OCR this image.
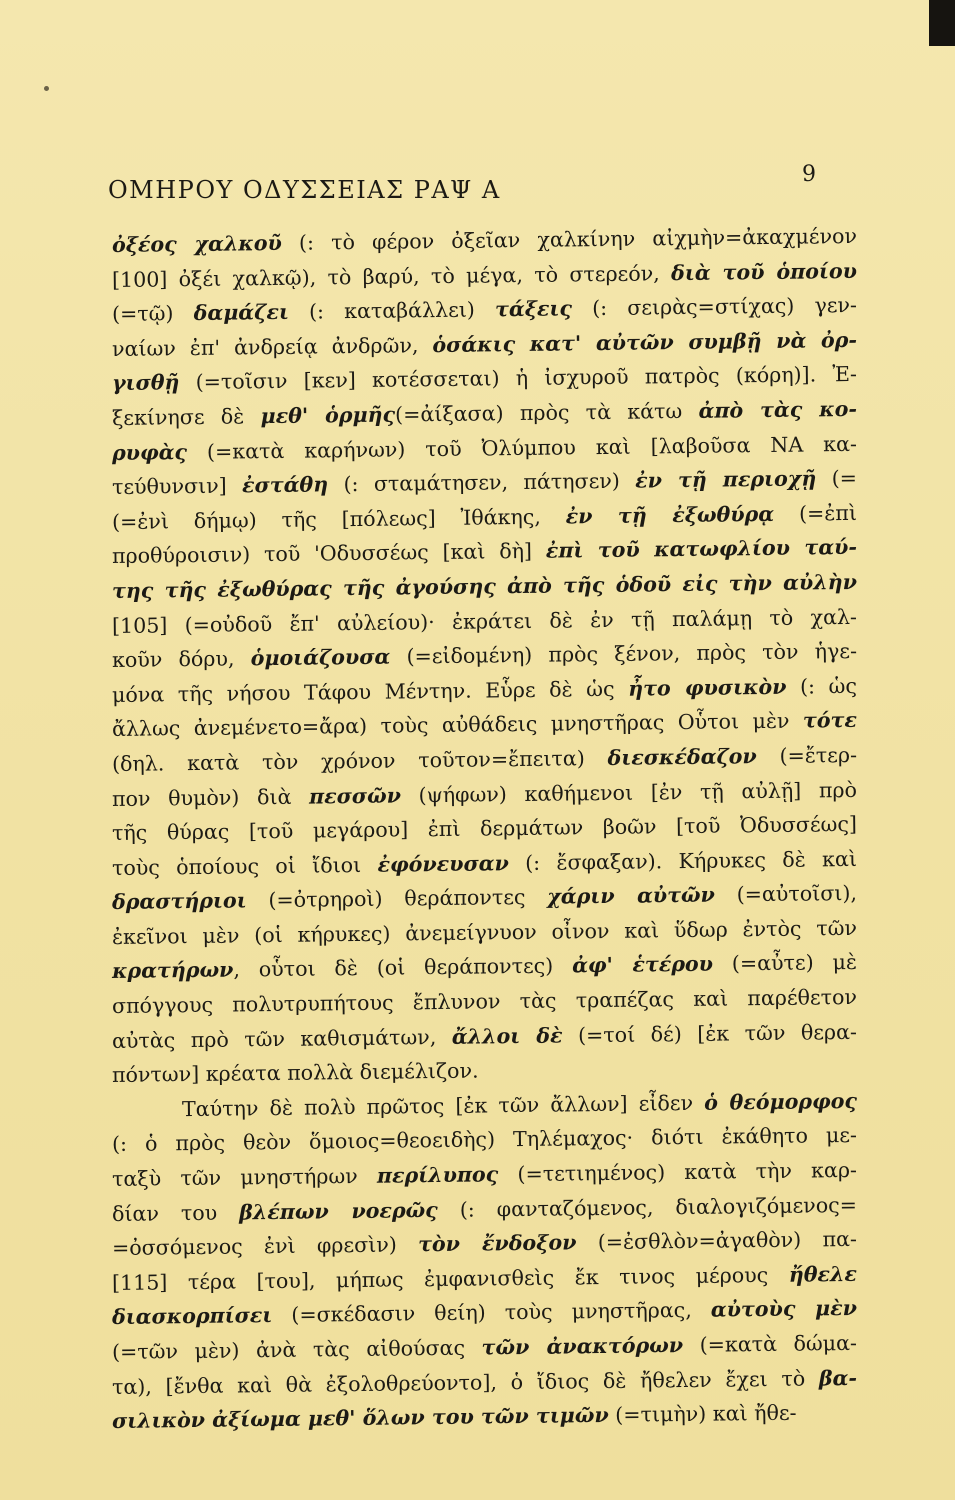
ΟΜΗΡΟΥ ΟΔΥΣΣΕΙΑΣ ΡΑΨ Α
9
ὀξέος χαλκοῦ (: τὸ φέρον ὀξεῖαν χαλκίνην αἰχμὴν=ἀκαχμένον
[100] ὀξέι χαλκῷ), τὸ βαρύ, τὸ μέγα, τὸ στερεόν, διὰ τοῦ ὁποίου
(=τῷ) δαμάζει (: καταβάλλει) τάξεις (: σειρὰς=στίχας) γεν-
ναίων ἐπ' ἀνδρείᾳ ἀνδρῶν, ὁσάκις κατ' αὐτῶν συμβῇ νὰ ὀρ-
γισθῇ (=τοῖσιν [κεν] κοτέσσεται) ἡ ἰσχυροῦ πατρὸς (κόρη)]. Ἐ-
ξεκίνησε δὲ μεθ' ὁρμῆς(=ἀίξασα) πρὸς τὰ κάτω ἀπὸ τὰς κο-
ρυφὰς (=κατὰ καρήνων) τοῦ Ὀλύμπου καὶ [λαβοῦσα ΝΑ κα-
τεύθυνσιν] ἐστάθη (: σταμάτησεν, πάτησεν) ἐν τῇ περιοχῇ (=
(=ἐνὶ δήμῳ) τῆς [πόλεως] Ἰθάκης, ἐν τῇ ἐξωθύρᾳ (=ἐπὶ
προθύροισιν) τοῦ 'Οδυσσέως [καὶ δὴ] ἐπὶ τοῦ κατωφλίου ταύ-
της τῆς ἐξωθύρας τῆς ἀγούσης ἀπὸ τῆς ὁδοῦ εἰς τὴν αὐλὴν
[105] (=οὐδοῦ ἔπ' αὐλείου)· ἐκράτει δὲ ἐν τῇ παλάμῃ τὸ χαλ-
κοῦν δόρυ, ὁμοιάζουσα (=εἰδομένη) πρὸς ξένον, πρὸς τὸν ἡγε-
μόνα τῆς νήσου Τάφου Μέντην. Εὗρε δὲ ὡς ἦτο φυσικὸν (: ὡς
ἄλλως ἀνεμένετο=ἄρα) τοὺς αὐθάδεις μνηστῆρας Οὗτοι μὲν τότε
(δηλ. κατὰ τὸν χρόνον τοῦτον=ἔπειτα) διεσκέδαζον (=ἔτερ-
πον θυμὸν) διὰ πεσσῶν (ψήφων) καθήμενοι [ἐν τῇ αὐλῇ] πρὸ
τῆς θύρας [τοῦ μεγάρου] ἐπὶ δερμάτων βοῶν [τοῦ Ὀδυσσέως]
τοὺς ὁποίους οἱ ἴδιοι ἐφόνευσαν (: ἔσφαξαν). Κήρυκες δὲ καὶ
δραστήριοι (=ὀτρηροὶ) θεράποντες χάριν αὐτῶν (=αὐτοῖσι),
ἐκεῖνοι μὲν (οἱ κήρυκες) ἀνεμείγνυον οἶνον καὶ ὕδωρ ἐντὸς τῶν
κρατήρων, οὗτοι δὲ (οἱ θεράποντες) ἀφ' ἑτέρου (=αὖτε) μὲ
σπόγγους πολυτρυπήτους ἔπλυνον τὰς τραπέζας καὶ παρέθετον
αὐτὰς πρὸ τῶν καθισμάτων, ἄλλοι δὲ (=τοί δέ) [ἐκ τῶν θερα-
πόντων] κρέατα πολλὰ διεμέλιζον.
Ταύτην δὲ πολὺ πρῶτος [ἐκ τῶν ἄλλων] εἶδεν ὁ θεόμορφος
(: ὁ πρὸς θεὸν ὅμοιος=θεοειδὴς) Τηλέμαχος· διότι ἐκάθητο με-
ταξὺ τῶν μνηστήρων περίλυπος (=τετιημένος) κατὰ τὴν καρ-
δίαν του βλέπων νοερῶς (: φανταζόμενος, διαλογιζόμενος=
=ὀσσόμενος ἐνὶ φρεσὶν) τὸν ἔνδοξον (=ἐσθλὸν=ἀγαθὸν) πα-
[115] τέρα [του], μήπως ἐμφανισθεὶς ἔκ τινος μέρους ἤθελε
διασκορπίσει (=σκέδασιν θείη) τοὺς μνηστῆρας, αὐτοὺς μὲν
(=τῶν μὲν) ἀνὰ τὰς αἰθούσας τῶν ἀνακτόρων (=κατὰ δώμα-
τα), [ἔνθα καὶ θὰ ἐξολοθρεύοντο], ὁ ἴδιος δὲ ἤθελεν ἔχει τὸ βα-
σιλικὸν ἀξίωμα μεθ' ὅλων του τῶν τιμῶν (=τιμὴν) καὶ ἤθε-
